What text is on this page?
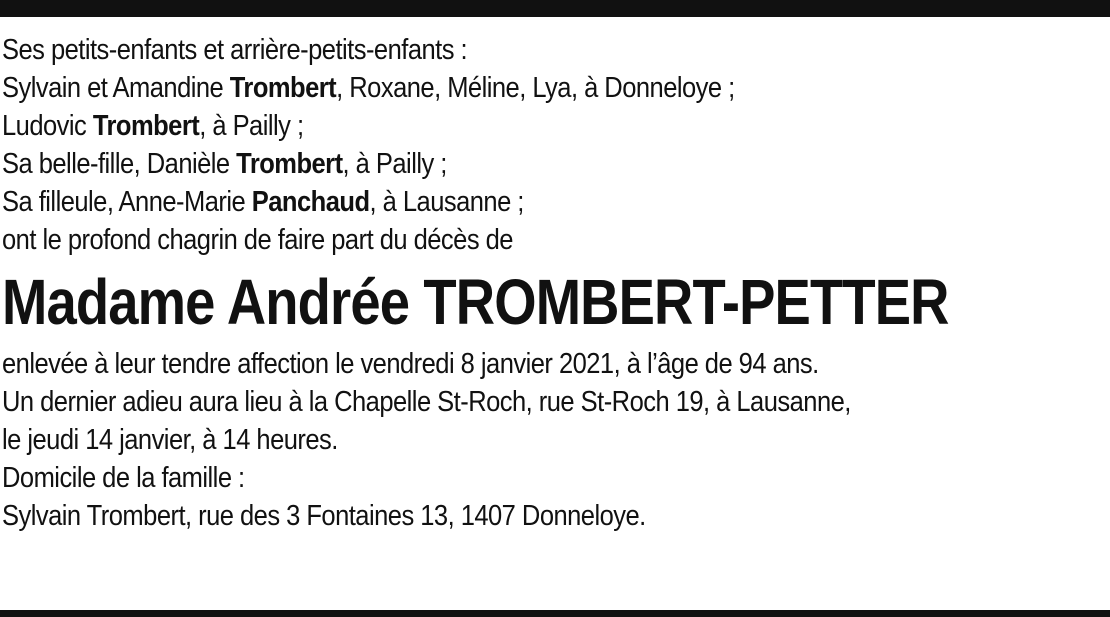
Ses petits-enfants et arrière-petits-enfants :
Sylvain et Amandine Trombert, Roxane, Méline, Lya, à Donneloye ;
Ludovic Trombert, à Pailly ;
Sa belle-fille, Danièle Trombert, à Pailly ;
Sa filleule, Anne-Marie Panchaud, à Lausanne ;
ont le profond chagrin de faire part du décès de
Madame Andrée TROMBERT-PETTER
enlevée à leur tendre affection le vendredi 8 janvier 2021, à l’âge de 94 ans.
Un dernier adieu aura lieu à la Chapelle St-Roch, rue St-Roch 19, à Lausanne,
le jeudi 14 janvier, à 14 heures.
Domicile de la famille :
Sylvain Trombert, rue des 3 Fontaines 13, 1407 Donneloye.
